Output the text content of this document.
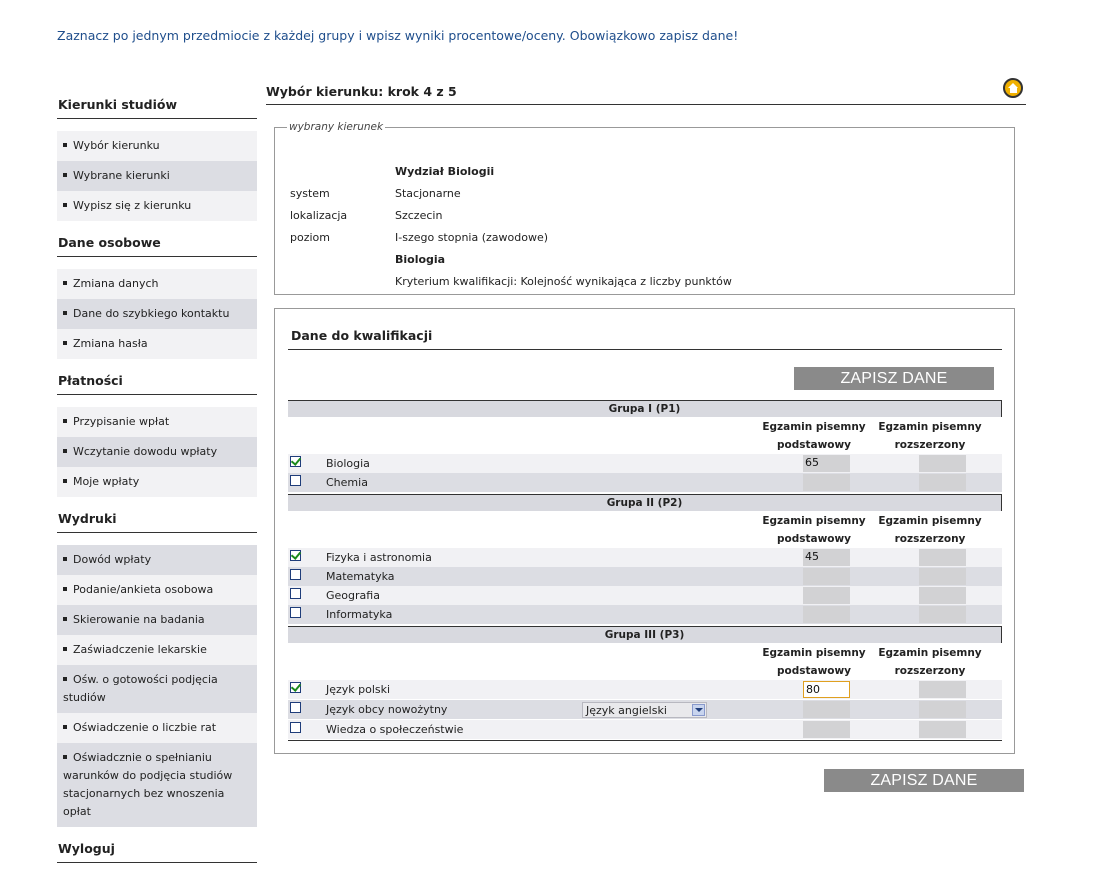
Zaznacz po jednym przedmiocie z każdej grupy i wpisz wyniki procentowe/oceny. Obowiązkowo zapisz dane!
Kierunki studiów
Wybór kierunku
Wybrane kierunki
Wypisz się z kierunku
Dane osobowe
Zmiana danych
Dane do szybkiego kontaktu
Zmiana hasła
Płatności
Przypisanie wpłat
Wczytanie dowodu wpłaty
Moje wpłaty
Wydruki
Dowód wpłaty
Podanie/ankieta osobowa
Skierowanie na badania
Zaświadczenie lekarskie
Ośw. o gotowości podjęcia studiów
Oświadczenie o liczbie rat
Oświadcznie o spełnianiu warunków do podjęcia studiów stacjonarnych bez wnoszenia opłat
Wyloguj
Wybór kierunku: krok 4 z 5
wybrany kierunek
Wydział Biologii
system	Stacjonarne
lokalizacja	Szczecin
poziom	I-szego stopnia (zawodowe)
Biologia
Kryterium kwalifikacji: Kolejność wynikająca z liczby punktów
Dane do kwalifikacji
ZAPISZ DANE
Grupa I (P1)
Egzamin pisemny
podstawowy
Egzamin pisemny
rozszerzony
Biologia	65
Chemia
Grupa II (P2)
Egzamin pisemny
podstawowy
Egzamin pisemny
rozszerzony
Fizyka i astronomia	45
Matematyka
Geografia
Informatyka
Grupa III (P3)
Egzamin pisemny
podstawowy
Egzamin pisemny
rozszerzony
Język polski	80
Język obcy nowożytny	Język angielski
Wiedza o społeczeństwie
ZAPISZ DANE
